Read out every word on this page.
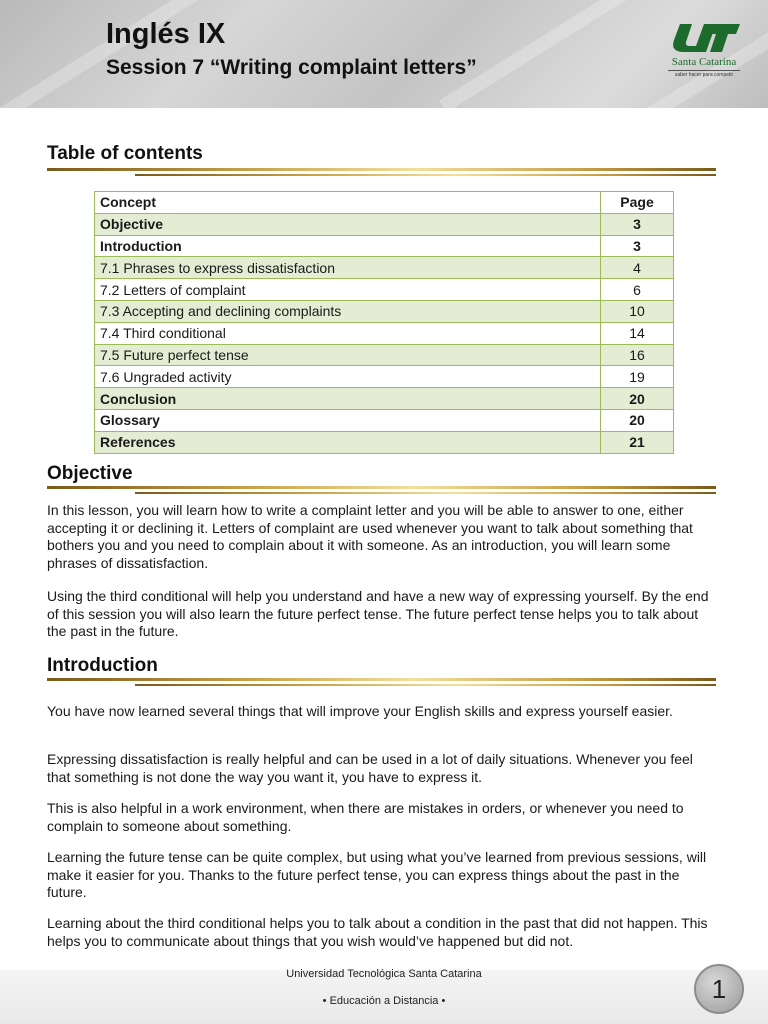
Inglés IX
Session 7 “Writing complaint letters”	Santa Catarina
saber hacer para competir
Table of contents
Concept	Page
Objective	3
Introduction	3
7.1 Phrases to express dissatisfaction	4
7.2 Letters of complaint	6
7.3 Accepting and declining complaints	10
7.4 Third conditional	14
7.5 Future perfect tense	16
7.6 Ungraded activity	19
Conclusion	20
Glossary	20
References	21
Objective
In this lesson, you will learn how to write a complaint letter and you will be able to answer to one, either accepting it or declining it. Letters of complaint are used whenever you want to talk about something that bothers you and you need to complain about it with someone. As an introduction, you will learn some phrases of dissatisfaction.
Using the third conditional will help you understand and have a new way of expressing yourself. By the end of this session you will also learn the future perfect tense. The future perfect tense helps you to talk about the past in the future.
Introduction
You have now learned several things that will improve your English skills and express yourself easier.
Expressing dissatisfaction is really helpful and can be used in a lot of daily situations. Whenever you feel that something is not done the way you want it, you have to express it.
This is also helpful in a work environment, when there are mistakes in orders, or whenever you need to complain to someone about something.
Learning the future tense can be quite complex, but using what you’ve learned from previous sessions, will make it easier for you. Thanks to the future perfect tense, you can express things about the past in the future.
Learning about the third conditional helps you to talk about a condition in the past that did not happen. This helps you to communicate about things that you wish would’ve happened but did not.
Universidad Tecnológica Santa Catarina
• Educación a Distancia •	1
